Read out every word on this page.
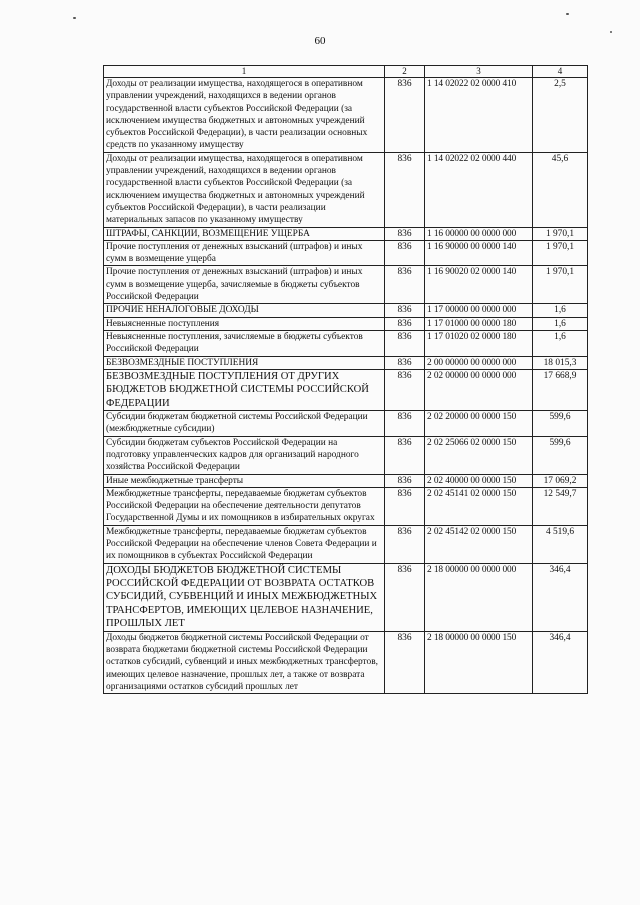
60
1	2	3	4
Доходы от реализации имущества, находящегося в оперативном управлении учреждений, находящихся в ведении органов государственной власти субъектов Российской Федерации (за исключением имущества бюджетных и автономных учреждений субъектов Российской Федерации), в части реализации основных средств по указанному имуществу	836	1 14 02022 02 0000 410	2,5
Доходы от реализации имущества, находящегося в оперативном управлении учреждений, находящихся в ведении органов государственной власти субъектов Российской Федерации (за исключением имущества бюджетных и автономных учреждений субъектов Российской Федерации), в части реализации материальных запасов по указанному имуществу	836	1 14 02022 02 0000 440	45,6
ШТРАФЫ, САНКЦИИ, ВОЗМЕЩЕНИЕ УЩЕРБА	836	1 16 00000 00 0000 000	1 970,1
Прочие поступления от денежных взысканий (штрафов) и иных сумм в возмещение ущерба	836	1 16 90000 00 0000 140	1 970,1
Прочие поступления от денежных взысканий (штрафов) и иных сумм в возмещение ущерба, зачисляемые в бюджеты субъектов Российской Федерации	836	1 16 90020 02 0000 140	1 970,1
ПРОЧИЕ НЕНАЛОГОВЫЕ ДОХОДЫ	836	1 17 00000 00 0000 000	1,6
Невыясненные поступления	836	1 17 01000 00 0000 180	1,6
Невыясненные поступления, зачисляемые в бюджеты субъектов Российской Федерации	836	1 17 01020 02 0000 180	1,6
БЕЗВОЗМЕЗДНЫЕ ПОСТУПЛЕНИЯ	836	2 00 00000 00 0000 000	18 015,3
БЕЗВОЗМЕЗДНЫЕ ПОСТУПЛЕНИЯ ОТ ДРУГИХ БЮДЖЕТОВ БЮДЖЕТНОЙ СИСТЕМЫ РОССИЙСКОЙ ФЕДЕРАЦИИ	836	2 02 00000 00 0000 000	17 668,9
Субсидии бюджетам бюджетной системы Российской Федерации (межбюджетные субсидии)	836	2 02 20000 00 0000 150	599,6
Субсидии бюджетам субъектов Российской Федерации на подготовку управленческих кадров для организаций народного хозяйства Российской Федерации	836	2 02 25066 02 0000 150	599,6
Иные межбюджетные трансферты	836	2 02 40000 00 0000 150	17 069,2
Межбюджетные трансферты, передаваемые бюджетам субъектов Российской Федерации на обеспечение деятельности депутатов Государственной Думы и их помощников в избирательных округах	836	2 02 45141 02 0000 150	12 549,7
Межбюджетные трансферты, передаваемые бюджетам субъектов Российской Федерации на обеспечение членов Совета Федерации и их помощников в субъектах Российской Федерации	836	2 02 45142 02 0000 150	4 519,6
ДОХОДЫ БЮДЖЕТОВ БЮДЖЕТНОЙ СИСТЕМЫ РОССИЙСКОЙ ФЕДЕРАЦИИ ОТ ВОЗВРАТА ОСТАТКОВ СУБСИДИЙ, СУБВЕНЦИЙ И ИНЫХ МЕЖБЮДЖЕТНЫХ ТРАНСФЕРТОВ, ИМЕЮЩИХ ЦЕЛЕВОЕ НАЗНАЧЕНИЕ, ПРОШЛЫХ ЛЕТ	836	2 18 00000 00 0000 000	346,4
Доходы бюджетов бюджетной системы Российской Федерации от возврата бюджетами бюджетной системы Российской Федерации остатков субсидий, субвенций и иных межбюджетных трансфертов, имеющих целевое назначение, прошлых лет, а также от возврата организациями остатков субсидий прошлых лет	836	2 18 00000 00 0000 150	346,4
